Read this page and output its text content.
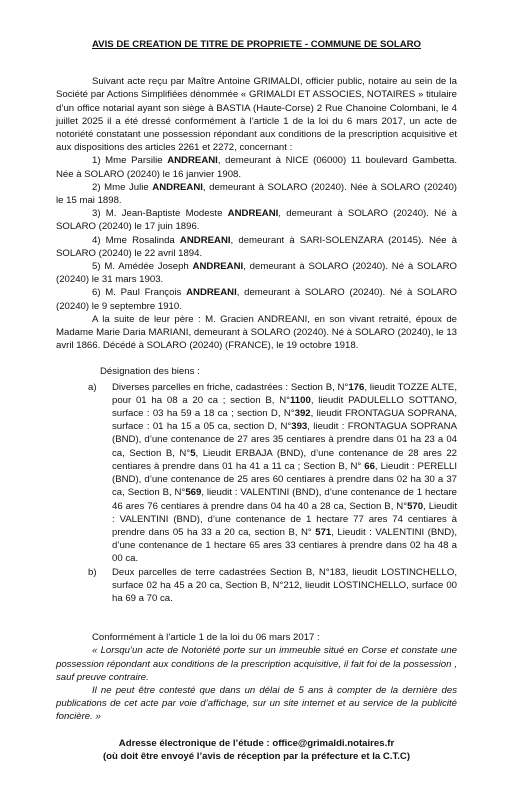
AVIS DE CREATION DE TITRE DE PROPRIETE - COMMUNE DE SOLARO

Suivant acte reçu par Maître Antoine GRIMALDI, officier public, notaire au sein de la Société par Actions Simplifiées dénommée « GRIMALDI ET ASSOCIES, NOTAIRES » titulaire d’un office notarial ayant son siège à BASTIA (Haute-Corse) 2 Rue Chanoine Colombani, le 4 juillet 2025 il a été dressé conformément à l’article 1 de la loi du 6 mars 2017, un acte de notoriété constatant une possession répondant aux conditions de la prescription acquisitive et aux dispositions des articles 2261 et 2272, concernant :

1) Mme Parsilie ANDREANI, demeurant à NICE (06000) 11 boulevard Gambetta. Née à SOLARO (20240) le 16 janvier 1908.

2) Mme Julie ANDREANI, demeurant à SOLARO (20240). Née à SOLARO (20240) le 15 mai 1898.

3) M. Jean-Baptiste Modeste ANDREANI, demeurant à SOLARO (20240). Né à SOLARO (20240) le 17 juin 1896.

4) Mme Rosalinda ANDREANI, demeurant à SARI-SOLENZARA (20145). Née à SOLARO (20240) le 22 avril 1894.

5) M. Amédée Joseph ANDREANI, demeurant à SOLARO (20240). Né à SOLARO (20240) le 31 mars 1903.

6) M. Paul François ANDREANI, demeurant à SOLARO (20240). Né à SOLARO (20240) le 9 septembre 1910.

A la suite de leur père : M. Gracien ANDREANI, en son vivant retraité, époux de Madame Marie Daria MARIANI, demeurant à SOLARO (20240). Né à SOLARO (20240), le 13 avril 1866. Décédé à SOLARO (20240) (FRANCE), le 19 octobre 1918.

Désignation des biens :

a)	Diverses parcelles en friche, cadastrées : Section B, N°176, lieudit TOZZE ALTE, pour 01 ha 08 a 20 ca ; section B, N°1100, lieudit PADULELLO SOTTANO, surface : 03 ha 59 a 18 ca ; section D, N°392, lieudit FRONTAGUA SOPRANA, surface : 01 ha 15 a 05 ca, section D, N°393, lieudit : FRONTAGUA SOPRANA (BND), d’une contenance de 27 ares 35 centiares à prendre dans 01 ha 23 a 04 ca, Section B, N°5, Lieudit ERBAJA (BND), d’une contenance de 28 ares 22 centiares à prendre dans 01 ha 41 a 11 ca ; Section B, N° 66, Lieudit : PERELLI (BND), d’une contenance de 25 ares 60 centiares à prendre dans 02 ha 30 a 37 ca, Section B, N°569, lieudit : VALENTINI (BND), d’une contenance de 1 hectare 46 ares 76 centiares à prendre dans 04 ha 40 a 28 ca, Section B, N°570, Lieudit : VALENTINI (BND), d’une contenance de 1 hectare 77 ares 74 centiares à prendre dans 05 ha 33 a 20 ca, section B, N° 571, Lieudit : VALENTINI (BND), d’une contenance de 1 hectare 65 ares 33 centiares à prendre dans 02 ha 48 a 00 ca.
b)	Deux parcelles de terre cadastrées Section B, N°183, lieudit LOSTINCHELLO, surface 02 ha 45 a 20 ca, Section B, N°212, lieudit LOSTINCHELLO, surface 00 ha 69 a 70 ca.

Conformément à l’article 1 de la loi du 06 mars 2017 :

« Lorsqu’un acte de Notoriété porte sur un immeuble situé en Corse et constate une possession répondant aux conditions de la prescription acquisitive, il fait foi de la possession , sauf preuve contraire.

Il ne peut être contesté que dans un délai de 5 ans à compter de la dernière des publications de cet acte par voie d’affichage, sur un site internet et au service de la publicité foncière. »

Adresse électronique de l’étude : office@grimaldi.notaires.fr

(où doit être envoyé l’avis de réception par la préfecture et la C.T.C)
